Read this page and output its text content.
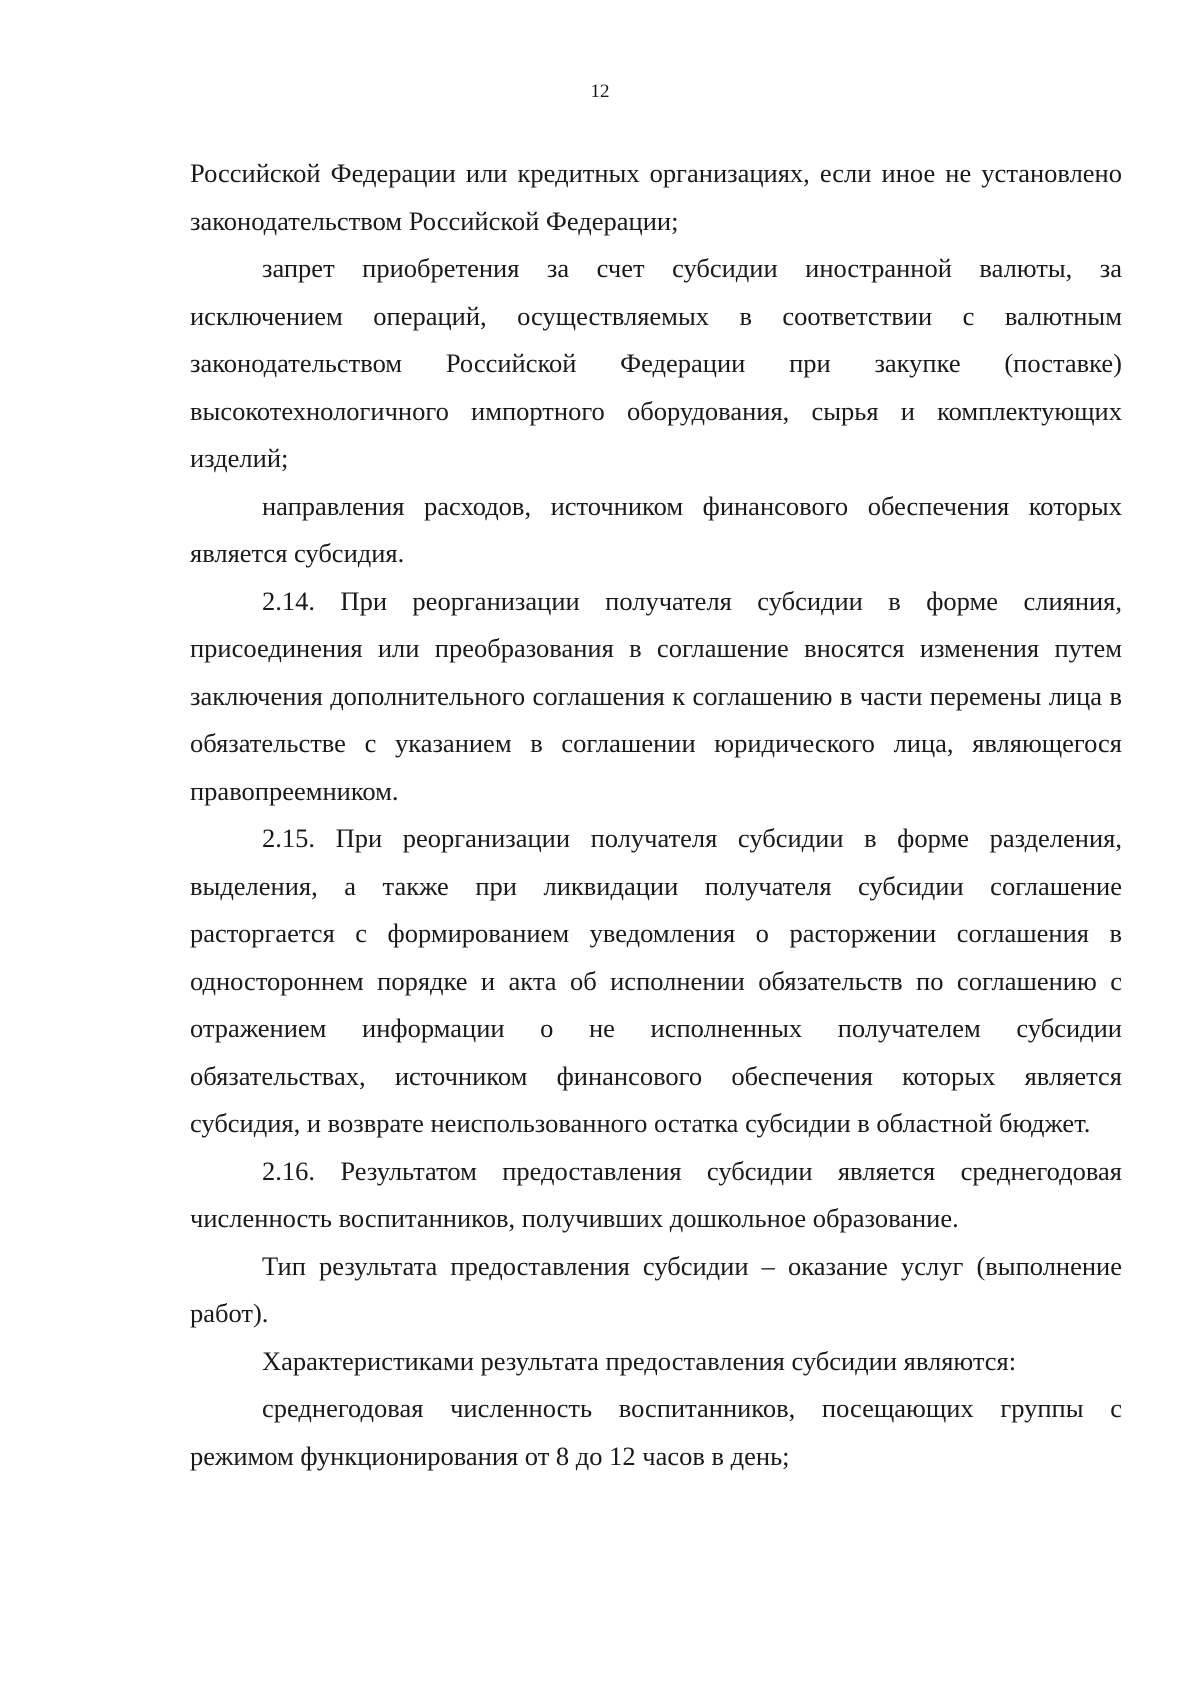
12

Российской Федерации или кредитных организациях, если иное не установлено законодательством Российской Федерации;

запрет приобретения за счет субсидии иностранной валюты, за исключением операций, осуществляемых в соответствии с валютным законодательством Российской Федерации при закупке (поставке) высокотехнологичного импортного оборудования, сырья и комплектующих изделий;

направления расходов, источником финансового обеспечения которых является субсидия.

2.14. При реорганизации получателя субсидии в форме слияния, присоединения или преобразования в соглашение вносятся изменения путем заключения дополнительного соглашения к соглашению в части перемены лица в обязательстве с указанием в соглашении юридического лица, являющегося правопреемником.

2.15. При реорганизации получателя субсидии в форме разделения, выделения, а также при ликвидации получателя субсидии соглашение расторгается с формированием уведомления о расторжении соглашения в одностороннем порядке и акта об исполнении обязательств по соглашению с отражением информации о не исполненных получателем субсидии обязательствах, источником финансового обеспечения которых является субсидия, и возврате неиспользованного остатка субсидии в областной бюджет.

2.16. Результатом предоставления субсидии является среднегодовая численность воспитанников, получивших дошкольное образование.

Тип результата предоставления субсидии – оказание услуг (выполнение работ).

Характеристиками результата предоставления субсидии являются:

среднегодовая численность воспитанников, посещающих группы с режимом функционирования от 8 до 12 часов в день;
